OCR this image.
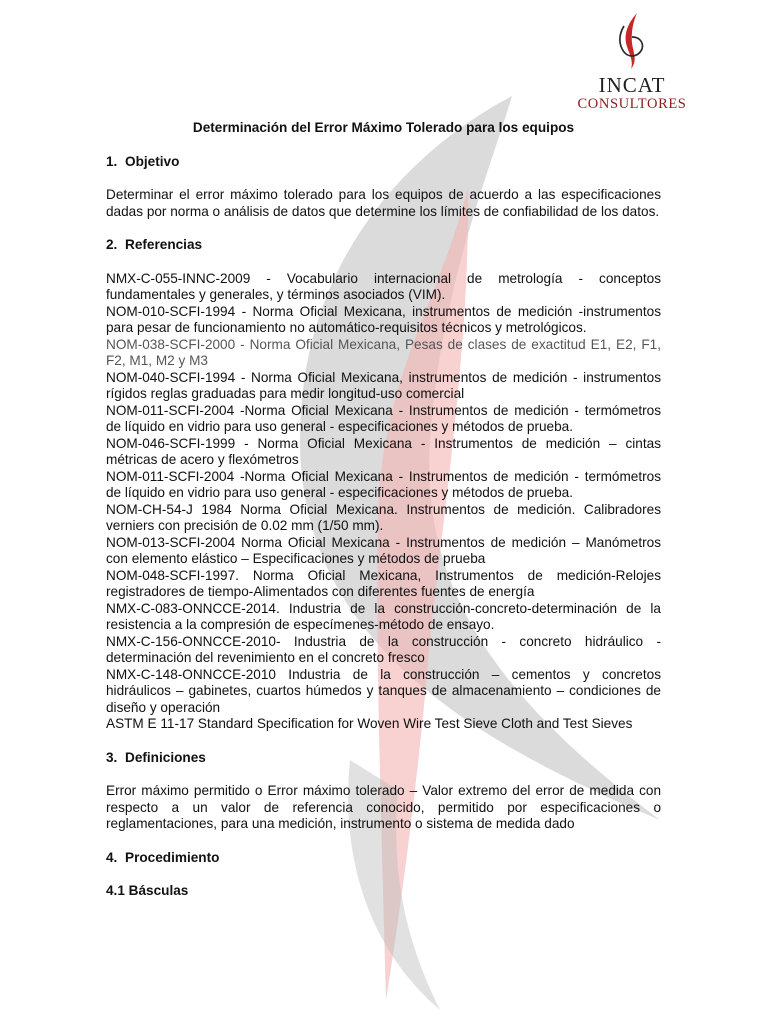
INCAT
CONSULTORES
Determinación del Error Máximo Tolerado para los equipos
1. Objetivo
Determinar el error máximo tolerado para los equipos de acuerdo a las especificaciones dadas por norma o análisis de datos que determine los límites de confiabilidad de los datos.
2. Referencias
NMX-C-055-INNC-2009 - Vocabulario internacional de metrología - conceptos fundamentales y generales, y términos asociados (VIM).
NOM-010-SCFI-1994 - Norma Oficial Mexicana, instrumentos de medición -instrumentos para pesar de funcionamiento no automático-requisitos técnicos y metrológicos.
NOM-038-SCFI-2000 - Norma Oficial Mexicana, Pesas de clases de exactitud E1, E2, F1, F2, M1, M2 y M3
NOM-040-SCFI-1994 - Norma Oficial Mexicana, instrumentos de medición - instrumentos rígidos reglas graduadas para medir longitud-uso comercial
NOM-011-SCFI-2004 -Norma Oficial Mexicana - Instrumentos de medición - termómetros de líquido en vidrio para uso general - especificaciones y métodos de prueba.
NOM-046-SCFI-1999 - Norma Oficial Mexicana - Instrumentos de medición – cintas métricas de acero y flexómetros
NOM-011-SCFI-2004 -Norma Oficial Mexicana - Instrumentos de medición - termómetros de líquido en vidrio para uso general - especificaciones y métodos de prueba.
NOM-CH-54-J 1984 Norma Oficial Mexicana. Instrumentos de medición. Calibradores verniers con precisión de 0.02 mm (1/50 mm).
NOM-013-SCFI-2004 Norma Oficial Mexicana - Instrumentos de medición – Manómetros con elemento elástico – Especificaciones y métodos de prueba
NOM-048-SCFI-1997. Norma Oficial Mexicana, Instrumentos de medición-Relojes registradores de tiempo-Alimentados con diferentes fuentes de energía
NMX-C-083-ONNCCE-2014. Industria de la construcción-concreto-determinación de la resistencia a la compresión de especímenes-método de ensayo.
NMX-C-156-ONNCCE-2010- Industria de la construcción - concreto hidráulico - determinación del revenimiento en el concreto fresco
NMX-C-148-ONNCCE-2010 Industria de la construcción – cementos y concretos hidráulicos – gabinetes, cuartos húmedos y tanques de almacenamiento – condiciones de diseño y operación
ASTM E 11-17 Standard Specification for Woven Wire Test Sieve Cloth and Test Sieves
3. Definiciones
Error máximo permitido o Error máximo tolerado – Valor extremo del error de medida con respecto a un valor de referencia conocido, permitido por especificaciones o reglamentaciones, para una medición, instrumento o sistema de medida dado
4. Procedimiento
4.1 Básculas
